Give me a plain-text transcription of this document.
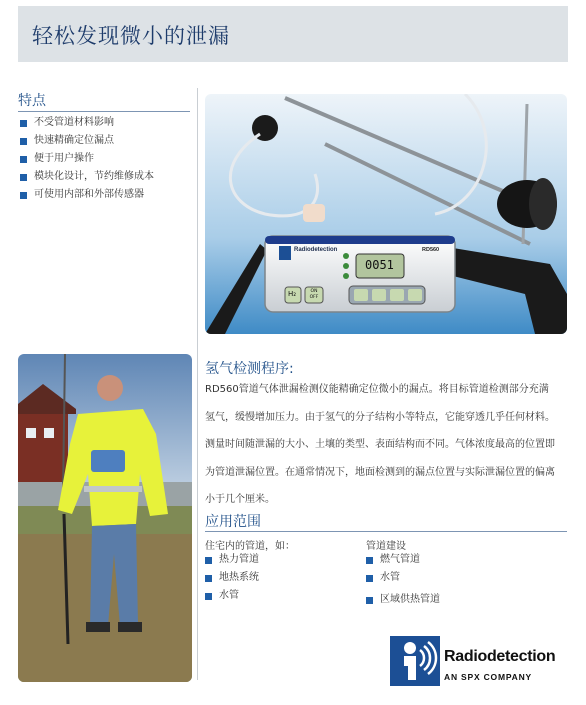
轻松发现微小的泄漏
特点
不受管道材料影响
快速精确定位漏点
便于用户操作
模块化设计，节约维修成本
可使用内部和外部传感器
Radiodetection	RD560
0051
H₂	ON OFF
氢气检测程序:

RD560管道气体泄漏检测仪能精确定位微小的漏点。将目标管道检测部分充满
氢气，缓慢增加压力。由于氢气的分子结构小等特点，它能穿透几乎任何材料。
测量时间随泄漏的大小、土壤的类型、表面结构而不同。气体浓度最高的位置即
为管道泄漏位置。在通常情况下，地面检测到的漏点位置与实际泄漏位置的偏离
小于几个厘米。

应用范围
住宅内的管道，如：
热力管道
地热系统
水管
管道建设
燃气管道
水管
区域供热管道
Radiodetection
AN SPX COMPANY
